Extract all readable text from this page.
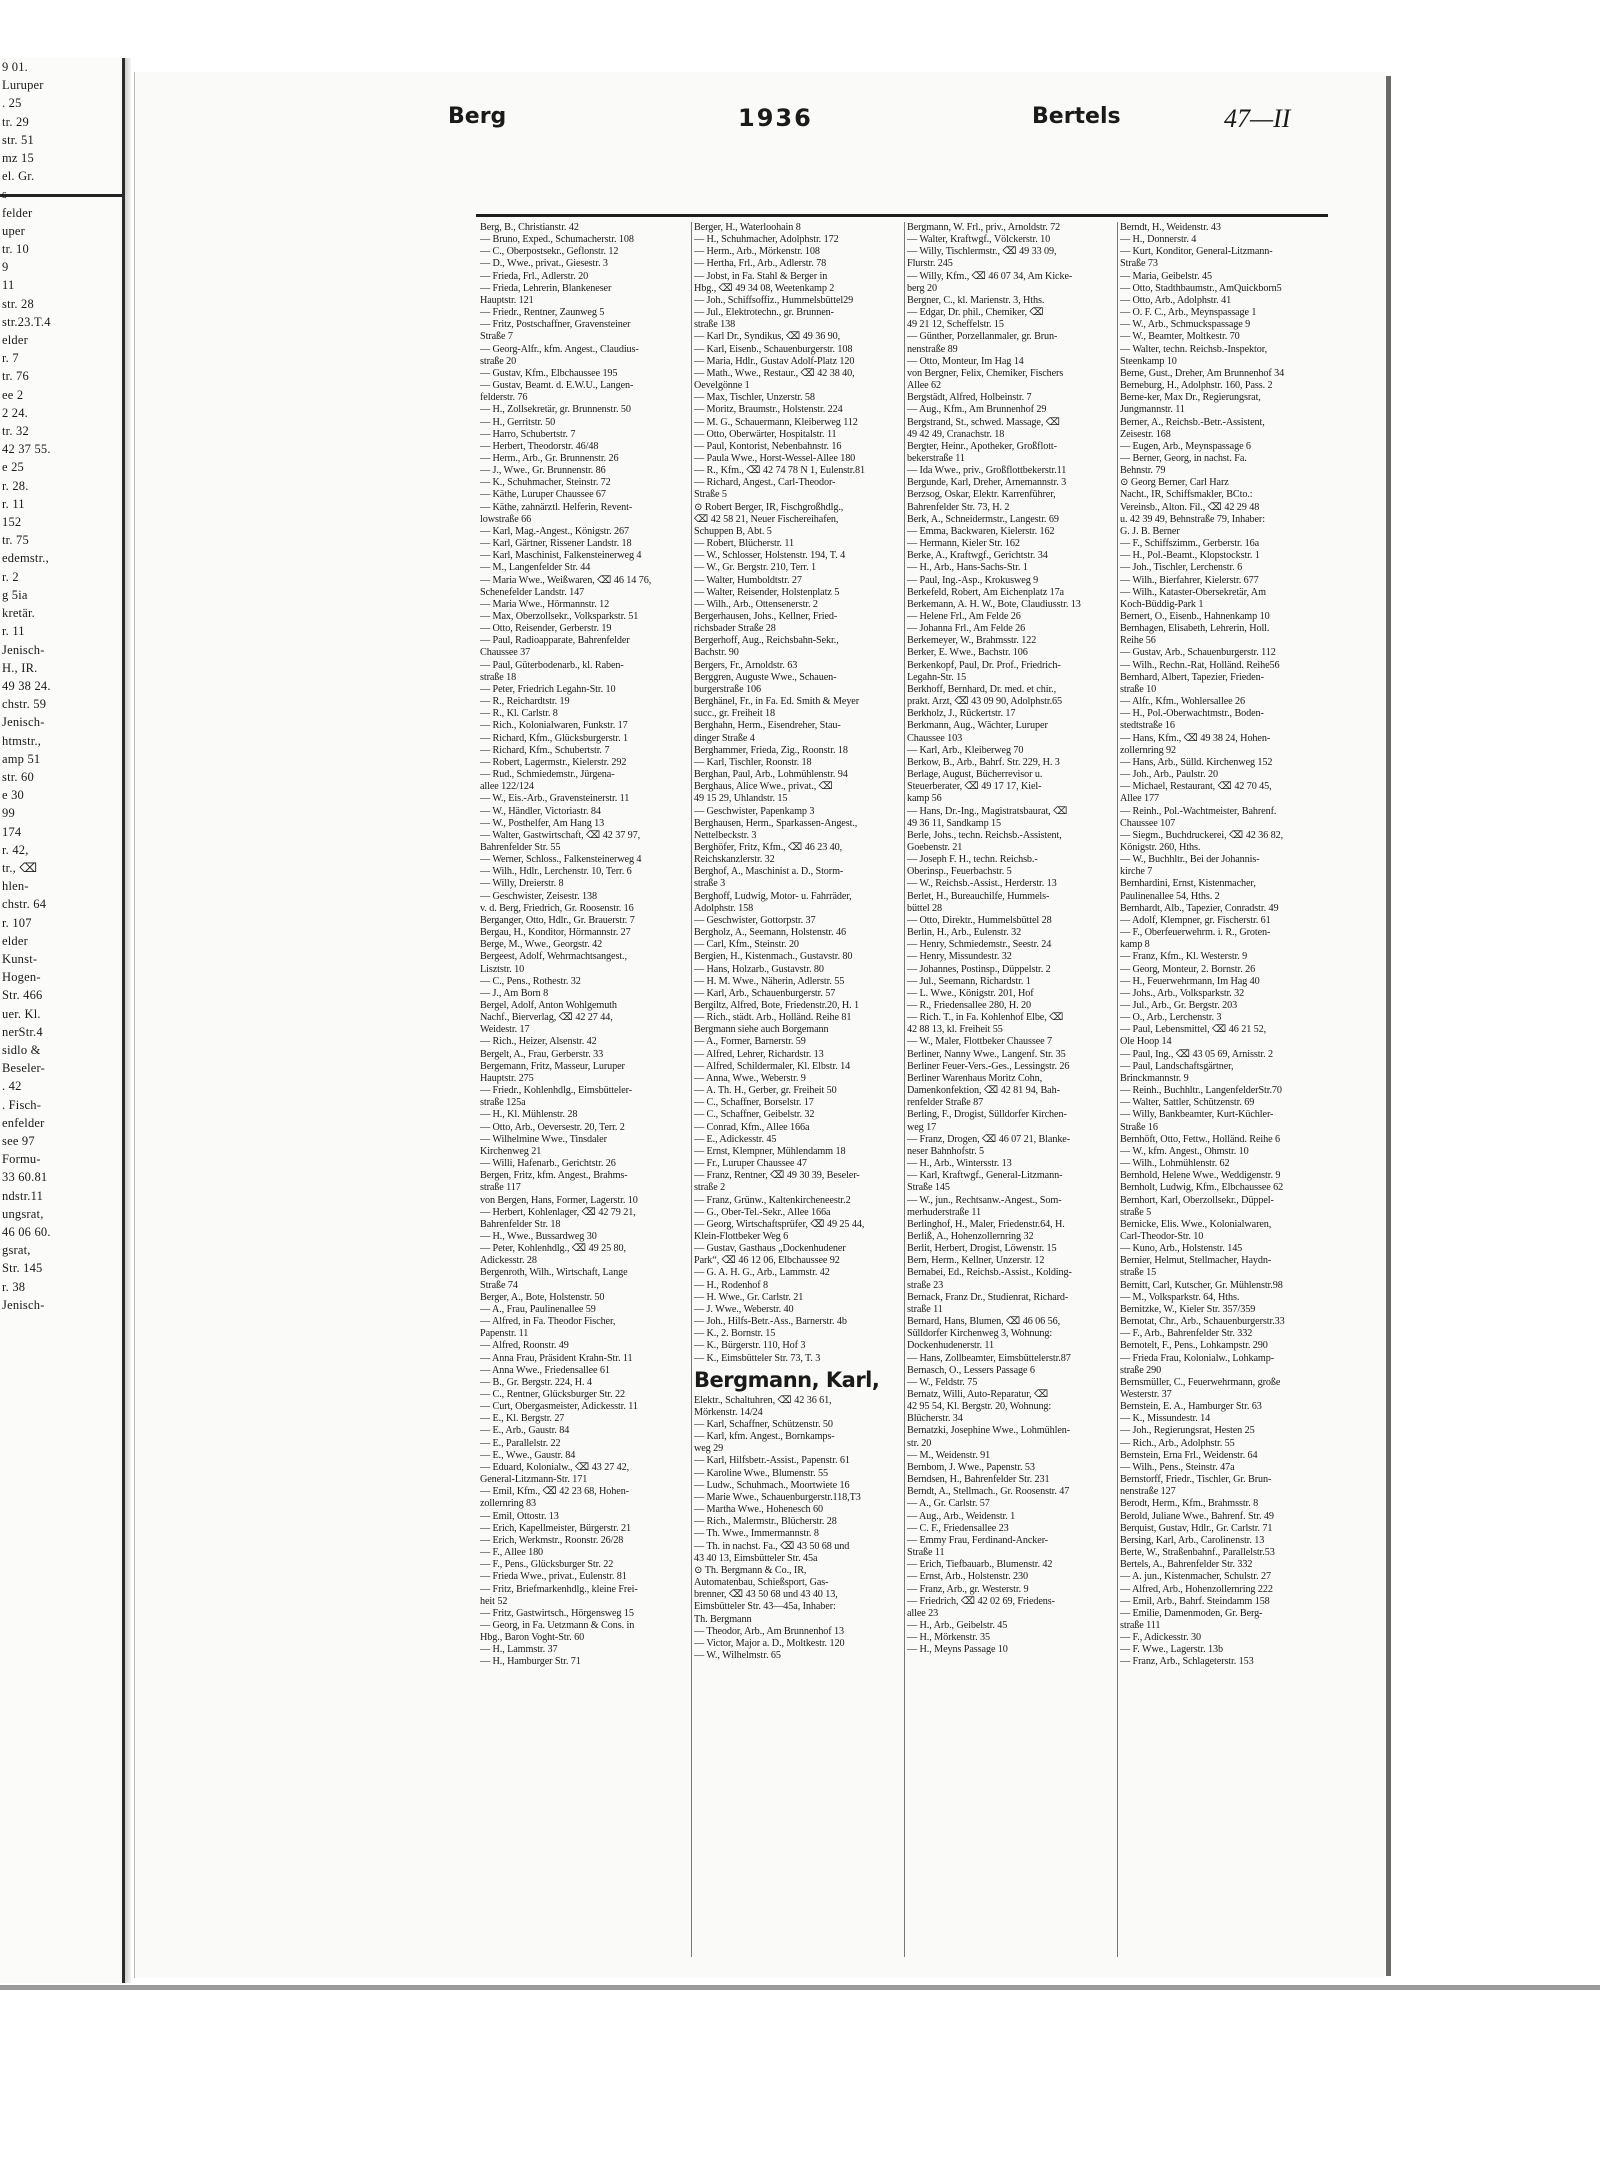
9 01.
Luruper
. 25
tr. 29
str. 51
mz 15
el. Gr.
s
felder
uper
tr. 10
9
11
str. 28
str.23.T.4
elder
r. 7
tr. 76
ee 2
2 24.
tr. 32
42 37 55.
e 25
r. 28.
r. 11
152
tr. 75
edemstr.,
r. 2
g 5ia
kretär.
r. 11
Jenisch-
H., IR.
49 38 24.
chstr. 59
Jenisch-
htmstr.,
amp 51
str. 60
e 30
99
174
r. 42,
tr., ⌫
hlen-
chstr. 64
r. 107
elder
Kunst-
Hogen-
Str. 466
uer. Kl.
nerStr.4
sidlo &
Beseler-
. 42
. Fisch-
enfelder
see 97
Formu-
33 60.81
ndstr.11
ungsrat,
46 06 60.
gsrat,
Str. 145
r. 38
Jenisch-
Berg	1936	Bertels	47—II
Berg, B., Christianstr. 42
— Bruno, Exped., Schumacherstr. 108
— C., Oberpostsekr., Geflonstr. 12
— D., Wwe., privat., Giesestr. 3
— Frieda, Frl., Adlerstr. 20
— Frieda, Lehrerin, Blankeneser
Hauptstr. 121
— Friedr., Rentner, Zaunweg 5
— Fritz, Postschaffner, Gravensteiner
Straße 7
— Georg-Alfr., kfm. Angest., Claudius-
straße 20
— Gustav, Kfm., Elbchaussee 195
— Gustav, Beamt. d. E.W.U., Langen-
felderstr. 76
— H., Zollsekretär, gr. Brunnenstr. 50
— H., Gerritstr. 50
— Harro, Schubertstr. 7
— Herbert, Theodorstr. 46/48
— Herm., Arb., Gr. Brunnenstr. 26
— J., Wwe., Gr. Brunnenstr. 86
— K., Schuhmacher, Steinstr. 72
— Käthe, Luruper Chaussee 67
— Käthe, zahnärztl. Helferin, Revent-
lowstraße 66
— Karl, Mag.-Angest., Königstr. 267
— Karl, Gärtner, Rissener Landstr. 18
— Karl, Maschinist, Falkensteinerweg 4
— M., Langenfelder Str. 44
— Maria Wwe., Weißwaren, ⌫ 46 14 76,
Schenefelder Landstr. 147
— Maria Wwe., Hörmannstr. 12
— Max, Oberzollsekr., Volksparkstr. 51
— Otto, Reisender, Gerberstr. 19
— Paul, Radioapparate, Bahrenfelder
Chaussee 37
— Paul, Güterbodenarb., kl. Raben-
straße 18
— Peter, Friedrich Legahn-Str. 10
— R., Reichardtstr. 19
— R., Kl. Carlstr. 8
— Rich., Kolonialwaren, Funkstr. 17
— Richard, Kfm., Glücksburgerstr. 1
— Richard, Kfm., Schubertstr. 7
— Robert, Lagermstr., Kielerstr. 292
— Rud., Schmiedemstr., Jürgena-
allee 122/124
— W., Eis.-Arb., Gravensteinerstr. 11
— W., Händler, Victoriastr. 84
— W., Posthelfer, Am Hang 13
— Walter, Gastwirtschaft, ⌫ 42 37 97,
Bahrenfelder Str. 55
— Werner, Schloss., Falkensteinerweg 4
— Wilh., Hdlr., Lerchenstr. 10, Terr. 6
— Willy, Dreierstr. 8
— Geschwister, Zeisestr. 138
v. d. Berg, Friedrich, Gr. Roosenstr. 16
Berganger, Otto, Hdlr., Gr. Brauerstr. 7
Bergau, H., Konditor, Hörmannstr. 27
Berge, M., Wwe., Georgstr. 42
Bergeest, Adolf, Wehrmachtsangest.,
Lisztstr. 10
— C., Pens., Rothestr. 32
— J., Am Born 8
Bergel, Adolf, Anton Wohlgemuth
Nachf., Bierverlag, ⌫ 42 27 44,
Weidestr. 17
— Rich., Heizer, Alsenstr. 42
Bergelt, A., Frau, Gerberstr. 33
Bergemann, Fritz, Masseur, Luruper
Hauptstr. 275
— Friedr., Kohlenhdlg., Eimsbütteler-
straße 125a
— H., Kl. Mühlenstr. 28
— Otto, Arb., Oeversestr. 20, Terr. 2
— Wilhelmine Wwe., Tinsdaler
Kirchenweg 21
— Willi, Hafenarb., Gerichtstr. 26
Bergen, Fritz, kfm. Angest., Brahms-
straße 117
von Bergen, Hans, Former, Lagerstr. 10
— Herbert, Kohlenlager, ⌫ 42 79 21,
Bahrenfelder Str. 18
— H., Wwe., Bussardweg 30
— Peter, Kohlenhdlg., ⌫ 49 25 80,
Adickesstr. 28
Bergenroth, Wilh., Wirtschaft, Lange
Straße 74
Berger, A., Bote, Holstenstr. 50
— A., Frau, Paulinenallee 59
— Alfred, in Fa. Theodor Fischer,
Papenstr. 11
— Alfred, Roonstr. 49
— Anna Frau, Präsident Krahn-Str. 11
— Anna Wwe., Friedensallee 61
— B., Gr. Bergstr. 224, H. 4
— C., Rentner, Glücksburger Str. 22
— Curt, Obergasmeister, Adickesstr. 11
— E., Kl. Bergstr. 27
— E., Arb., Gaustr. 84
— E., Parallelstr. 22
— E., Wwe., Gaustr. 84
— Eduard, Kolonialw., ⌫ 43 27 42,
General-Litzmann-Str. 171
— Emil, Kfm., ⌫ 42 23 68, Hohen-
zollernring 83
— Emil, Ottostr. 13
— Erich, Kapellmeister, Bürgerstr. 21
— Erich, Werkmstr., Roonstr. 26/28
— F., Allee 180
— F., Pens., Glücksburger Str. 22
— Frieda Wwe., privat., Eulenstr. 81
— Fritz, Briefmarkenhdlg., kleine Frei-
heit 52
— Fritz, Gastwirtsch., Hörgensweg 15
— Georg, in Fa. Uetzmann & Cons. in
Hbg., Baron Voght-Str. 60
— H., Lammstr. 37
— H., Hamburger Str. 71
Berger, H., Waterloohain 8
— H., Schuhmacher, Adolphstr. 172
— Herm., Arb., Mörkenstr. 108
— Hertha, Frl., Arb., Adlerstr. 78
— Jobst, in Fa. Stahl & Berger in
Hbg., ⌫ 49 34 08, Weetenkamp 2
— Joh., Schiffsoffiz., Hummelsbüttel29
— Jul., Elektrotechn., gr. Brunnen-
straße 138
— Karl Dr., Syndikus, ⌫ 49 36 90,
— Karl, Eisenb., Schauenburgerstr. 108
— Maria, Hdlr., Gustav Adolf-Platz 120
— Math., Wwe., Restaur., ⌫ 42 38 40,
Oevelgönne 1
— Max, Tischler, Unzerstr. 58
— Moritz, Braumstr., Holstenstr. 224
— M. G., Schauermann, Kleiberweg 112
— Otto, Oberwärter, Hospitalstr. 11
— Paul, Kontorist, Nebenbahnstr. 16
— Paula Wwe., Horst-Wessel-Allee 180
— R., Kfm., ⌫ 42 74 78 N 1, Eulenstr.81
— Richard, Angest., Carl-Theodor-
Straße 5
⊙ Robert Berger, IR, Fischgroßhdlg.,
⌫ 42 58 21, Neuer Fischereihafen,
Schuppen B, Abt. 5
— Robert, Blücherstr. 11
— W., Schlosser, Holstenstr. 194, T. 4
— W., Gr. Bergstr. 210, Terr. 1
— Walter, Humboldtstr. 27
— Walter, Reisender, Holstenplatz 5
— Wilh., Arb., Ottensenerstr. 2
Bergerhausen, Johs., Kellner, Fried-
richsbader Straße 28
Bergerhoff, Aug., Reichsbahn-Sekr.,
Bachstr. 90
Bergers, Fr., Arnoldstr. 63
Berggren, Auguste Wwe., Schauen-
burgerstraße 106
Berghänel, Fr., in Fa. Ed. Smith & Meyer
succ., gr. Freiheit 18
Berghahn, Herm., Eisendreher, Stau-
dinger Straße 4
Berghammer, Frieda, Zig., Roonstr. 18
— Karl, Tischler, Roonstr. 18
Berghan, Paul, Arb., Lohmühlenstr. 94
Berghaus, Alice Wwe., privat., ⌫
49 15 29, Uhlandstr. 15
— Geschwister, Papenkamp 3
Berghausen, Herm., Sparkassen-Angest.,
Nettelbeckstr. 3
Berghöfer, Fritz, Kfm., ⌫ 46 23 40,
Reichskanzlerstr. 32
Berghof, A., Maschinist a. D., Storm-
straße 3
Berghoff, Ludwig, Motor- u. Fahrräder,
Adolphstr. 158
— Geschwister, Gottorpstr. 37
Bergholz, A., Seemann, Holstenstr. 46
— Carl, Kfm., Steinstr. 20
Bergien, H., Kistenmach., Gustavstr. 80
— Hans, Holzarb., Gustavstr. 80
— H. M. Wwe., Näherin, Adlerstr. 55
— Karl, Arb., Schauenburgerstr. 57
Bergiltz, Alfred, Bote, Friedenstr.20, H. 1
— Rich., städt. Arb., Holländ. Reihe 81
Bergmann siehe auch Borgemann
— A., Former, Barnerstr. 59
— Alfred, Lehrer, Richardstr. 13
— Alfred, Schildermaler, Kl. Elbstr. 14
— Anna, Wwe., Weberstr. 9
— A. Th. H., Gerber, gr. Freiheit 50
— C., Schaffner, Borselstr. 17
— C., Schaffner, Geibelstr. 32
— Conrad, Kfm., Allee 166a
— E., Adickesstr. 45
— Ernst, Klempner, Mühlendamm 18
— Fr., Luruper Chaussee 47
— Franz, Rentner, ⌫ 49 30 39, Beseler-
straße 2
— Franz, Grünw., Kaltenkircheneestr.2
— G., Ober-Tel.-Sekr., Allee 166a
— Georg, Wirtschaftsprüfer, ⌫ 49 25 44,
Klein-Flottbeker Weg 6
— Gustav, Gasthaus „Dockenhudener
Park“, ⌫ 46 12 06, Elbchaussee 92
— G. A. H. G., Arb., Lammstr. 42
— H., Rodenhof 8
— H. Wwe., Gr. Carlstr. 21
— J. Wwe., Weberstr. 40
— Joh., Hilfs-Betr.-Ass., Barnerstr. 4b
— K., 2. Bornstr. 15
— K., Bürgerstr. 110, Hof 3
— K., Eimsbütteler Str. 73, T. 3
Bergmann, Karl,
Elektr., Schaltuhren, ⌫ 42 36 61,
Mörkenstr. 14/24
— Karl, Schaffner, Schützenstr. 50
— Karl, kfm. Angest., Bornkamps-
weg 29
— Karl, Hilfsbetr.-Assist., Papenstr. 61
— Karoline Wwe., Blumenstr. 55
— Ludw., Schuhmach., Moortwiete 16
— Marie Wwe., Schauenburgerstr.118,T3
— Martha Wwe., Hohenesch 60
— Rich., Malermstr., Blücherstr. 28
— Th. Wwe., Immermannstr. 8
— Th. in nachst. Fa., ⌫ 43 50 68 und
43 40 13, Eimsbütteler Str. 45a
⊙ Th. Bergmann & Co., IR,
Automatenbau, Schießsport, Gas-
brenner, ⌫ 43 50 68 und 43 40 13,
Eimsbütteler Str. 43—45a, Inhaber:
Th. Bergmann
— Theodor, Arb., Am Brunnenhof 13
— Victor, Major a. D., Moltkestr. 120
— W., Wilhelmstr. 65
Bergmann, W. Frl., priv., Arnoldstr. 72
— Walter, Kraftwgf., Völckerstr. 10
— Willy, Tischlermstr., ⌫ 49 33 09,
Flurstr. 245
— Willy, Kfm., ⌫ 46 07 34, Am Kicke-
berg 20
Bergner, C., kl. Marienstr. 3, Hths.
— Edgar, Dr. phil., Chemiker, ⌫
49 21 12, Scheffelstr. 15
— Günther, Porzellanmaler, gr. Brun-
nenstraße 89
— Otto, Monteur, Im Hag 14
von Bergner, Felix, Chemiker, Fischers
Allee 62
Bergstädt, Alfred, Holbeinstr. 7
— Aug., Kfm., Am Brunnenhof 29
Bergstrand, St., schwed. Massage, ⌫
49 42 49, Cranachstr. 18
Bergter, Heinr., Apotheker, Großflott-
bekerstraße 11
— Ida Wwe., priv., Großflottbekerstr.11
Bergunde, Karl, Dreher, Arnemannstr. 3
Berzsog, Oskar, Elektr. Karrenführer,
Bahrenfelder Str. 73, H. 2
Berk, A., Schneidermstr., Langestr. 69
— Emma, Backwaren, Kielerstr. 162
— Hermann, Kieler Str. 162
Berke, A., Kraftwgf., Gerichtstr. 34
— H., Arb., Hans-Sachs-Str. 1
— Paul, Ing.-Asp., Krokusweg 9
Berkefeld, Robert, Am Eichenplatz 17a
Berkemann, A. H. W., Bote, Claudiusstr. 13
— Helene Frl., Am Felde 26
— Johanna Frl., Am Felde 26
Berkemeyer, W., Brahmsstr. 122
Berker, E. Wwe., Bachstr. 106
Berkenkopf, Paul, Dr. Prof., Friedrich-
Legahn-Str. 15
Berkhoff, Bernhard, Dr. med. et chir.,
prakt. Arzt, ⌫ 43 09 90, Adolphstr.65
Berkholz, J., Rückertstr. 17
Berkmann, Aug., Wächter, Luruper
Chaussee 103
— Karl, Arb., Kleiberweg 70
Berkow, B., Arb., Bahrf. Str. 229, H. 3
Berlage, August, Bücherrevisor u.
Steuerberater, ⌫ 49 17 17, Kiel-
kamp 56
— Hans, Dr.-Ing., Magistratsbaurat, ⌫
49 36 11, Sandkamp 15
Berle, Johs., techn. Reichsb.-Assistent,
Goebenstr. 21
— Joseph F. H., techn. Reichsb.-
Oberinsp., Feuerbachstr. 5
— W., Reichsb.-Assist., Herderstr. 13
Berlet, H., Bureauchilfe, Hummels-
büttel 28
— Otto, Direktr., Hummelsbüttel 28
Berlin, H., Arb., Eulenstr. 32
— Henry, Schmiedemstr., Seestr. 24
— Henry, Missundestr. 32
— Johannes, Postinsp., Düppelstr. 2
— Jul., Seemann, Richardstr. 1
— L. Wwe., Königstr. 201, Hof
— R., Friedensallee 280, H. 20
— Rich. T., in Fa. Kohlenhof Elbe, ⌫
42 88 13, kl. Freiheit 55
— W., Maler, Flottbeker Chaussee 7
Berliner, Nanny Wwe., Langenf. Str. 35
Berliner Feuer-Vers.-Ges., Lessingstr. 26
Berliner Warenhaus Moritz Cohn,
Damenkonfektion, ⌫ 42 81 94, Bah-
renfelder Straße 87
Berling, F., Drogist, Sülldorfer Kirchen-
weg 17
— Franz, Drogen, ⌫ 46 07 21, Blanke-
neser Bahnhofstr. 5
— H., Arb., Wintersstr. 13
— Karl, Kraftwgf., General-Litzmann-
Straße 145
— W., jun., Rechtsanw.-Angest., Som-
merhuderstraße 11
Berlinghof, H., Maler, Friedenstr.64, H.
Berliß, A., Hohenzollernring 32
Berlit, Herbert, Drogist, Löwenstr. 15
Bern, Herm., Kellner, Unzerstr. 12
Bernabei, Ed., Reichsb.-Assist., Kolding-
straße 23
Bernack, Franz Dr., Studienrat, Richard-
straße 11
Bernard, Hans, Blumen, ⌫ 46 06 56,
Sülldorfer Kirchenweg 3, Wohnung:
Dockenhudenerstr. 11
— Hans, Zollbeamter, Eimsbüttelerstr.87
Bernasch, O., Lessers Passage 6
— W., Feldstr. 75
Bernatz, Willi, Auto-Reparatur, ⌫
42 95 54, Kl. Bergstr. 20, Wohnung:
Blücherstr. 34
Bernatzki, Josephine Wwe., Lohmühlen-
str. 20
— M., Weidenstr. 91
Bernbom, J. Wwe., Papenstr. 53
Berndsen, H., Bahrenfelder Str. 231
Berndt, A., Stellmach., Gr. Roosenstr. 47
— A., Gr. Carlstr. 57
— Aug., Arb., Weidenstr. 1
— C. F., Friedensallee 23
— Emmy Frau, Ferdinand-Ancker-
Straße 11
— Erich, Tiefbauarb., Blumenstr. 42
— Ernst, Arb., Holstenstr. 230
— Franz, Arb., gr. Westerstr. 9
— Friedrich, ⌫ 42 02 69, Friedens-
allee 23
— H., Arb., Geibelstr. 45
— H., Mörkenstr. 35
— H., Meyns Passage 10
Berndt, H., Weidenstr. 43
— H., Donnerstr. 4
— Kurt, Konditor, General-Litzmann-
Straße 73
— Maria, Geibelstr. 45
— Otto, Stadthbaumstr., AmQuickborn5
— Otto, Arb., Adolphstr. 41
— O. F. C., Arb., Meynspassage 1
— W., Arb., Schmuckspassage 9
— W., Beamter, Moltkestr. 70
— Walter, techn. Reichsb.-Inspektor,
Steenkamp 10
Berne, Gust., Dreher, Am Brunnenhof 34
Berneburg, H., Adolphstr. 160, Pass. 2
Berne-ker, Max Dr., Regierungsrat,
Jungmannstr. 11
Berner, A., Reichsb.-Betr.-Assistent,
Zeisestr. 168
— Eugen, Arb., Meynspassage 6
— Berner, Georg, in nachst. Fa.
Behnstr. 79
⊙ Georg Berner, Carl Harz
Nacht., IR, Schiffsmakler, BCto.:
Vereinsb., Alton. Fil., ⌫ 42 29 48
u. 42 39 49, Behnstraße 79, Inhaber:
G. J. B. Berner
— F., Schiffszimm., Gerberstr. 16a
— H., Pol.-Beamt., Klopstockstr. 1
— Joh., Tischler, Lerchenstr. 6
— Wilh., Bierfahrer, Kielerstr. 677
— Wilh., Kataster-Obersekretär, Am
Koch-Büddig-Park 1
Bernert, O., Eisenb., Hahnenkamp 10
Bernhagen, Elisabeth, Lehrerin, Holl.
Reihe 56
— Gustav, Arb., Schauenburgerstr. 112
— Wilh., Rechn.-Rat, Holländ. Reihe56
Bernhard, Albert, Tapezier, Frieden-
straße 10
— Alfr., Kfm., Wohlersallee 26
— H., Pol.-Oberwachtmstr., Boden-
stedtstraße 16
— Hans, Kfm., ⌫ 49 38 24, Hohen-
zollernring 92
— Hans, Arb., Sülld. Kirchenweg 152
— Joh., Arb., Paulstr. 20
— Michael, Restaurant, ⌫ 42 70 45,
Allee 177
— Reinh., Pol.-Wachtmeister, Bahrenf.
Chaussee 107
— Siegm., Buchdruckerei, ⌫ 42 36 82,
Königstr. 260, Hths.
— W., Buchhltr., Bei der Johannis-
kirche 7
Bernhardini, Ernst, Kistenmacher,
Paulinenallee 54, Hths. 2
Bernhardt, Alb., Tapezier, Conradstr. 49
— Adolf, Klempner, gr. Fischerstr. 61
— F., Oberfeuerwehrm. i. R., Groten-
kamp 8
— Franz, Kfm., Kl. Westerstr. 9
— Georg, Monteur, 2. Bornstr. 26
— H., Feuerwehrmann, Im Hag 40
— Johs., Arb., Volksparkstr. 32
— Jul., Arb., Gr. Bergstr. 203
— O., Arb., Lerchenstr. 3
— Paul, Lebensmittel, ⌫ 46 21 52,
Ole Hoop 14
— Paul, Ing., ⌫ 43 05 69, Arnisstr. 2
— Paul, Landschaftsgärtner,
Brinckmannstr. 9
— Reinh., Buchhltr., LangenfelderStr.70
— Walter, Sattler, Schützenstr. 69
— Willy, Bankbeamter, Kurt-Küchler-
Straße 16
Bernhöft, Otto, Fettw., Holländ. Reihe 6
— W., kfm. Angest., Ohmstr. 10
— Wilh., Lohmühlenstr. 62
Bernhold, Helene Wwe., Weddigenstr. 9
Bernholt, Ludwig, Kfm., Elbchaussee 62
Bernhort, Karl, Oberzollsekr., Düppel-
straße 5
Bernicke, Elis. Wwe., Kolonialwaren,
Carl-Theodor-Str. 10
— Kuno, Arb., Holstenstr. 145
Bernier, Helmut, Stellmacher, Haydn-
straße 15
Bernitt, Carl, Kutscher, Gr. Mühlenstr.98
— M., Volksparkstr. 64, Hths.
Bernitzke, W., Kieler Str. 357/359
Bernotat, Chr., Arb., Schauenburgerstr.33
— F., Arb., Bahrenfelder Str. 332
Bernotelt, F., Pens., Lohkampstr. 290
— Frieda Frau, Kolonialw., Lohkamp-
straße 290
Bernsmüller, C., Feuerwehrmann, große
Westerstr. 37
Bernstein, E. A., Hamburger Str. 63
— K., Missundestr. 14
— Joh., Regierungsrat, Hesten 25
— Rich., Arb., Adolphstr. 55
Bernstein, Erna Frl., Weidenstr. 64
— Wilh., Pens., Steinstr. 47a
Bernstorff, Friedr., Tischler, Gr. Brun-
nenstraße 127
Berodt, Herm., Kfm., Brahmsstr. 8
Berold, Juliane Wwe., Bahrenf. Str. 49
Berquist, Gustav, Hdlr., Gr. Carlstr. 71
Bersing, Karl, Arb., Carolinenstr. 13
Berte, W., Straßenbahnf., Parallelstr.53
Bertels, A., Bahrenfelder Str. 332
— A. jun., Kistenmacher, Schulstr. 27
— Alfred, Arb., Hohenzollernring 222
— Emil, Arb., Bahrf. Steindamm 158
— Emilie, Damenmoden, Gr. Berg-
straße 111
— F., Adickesstr. 30
— F. Wwe., Lagerstr. 13b
— Franz, Arb., Schlageterstr. 153
